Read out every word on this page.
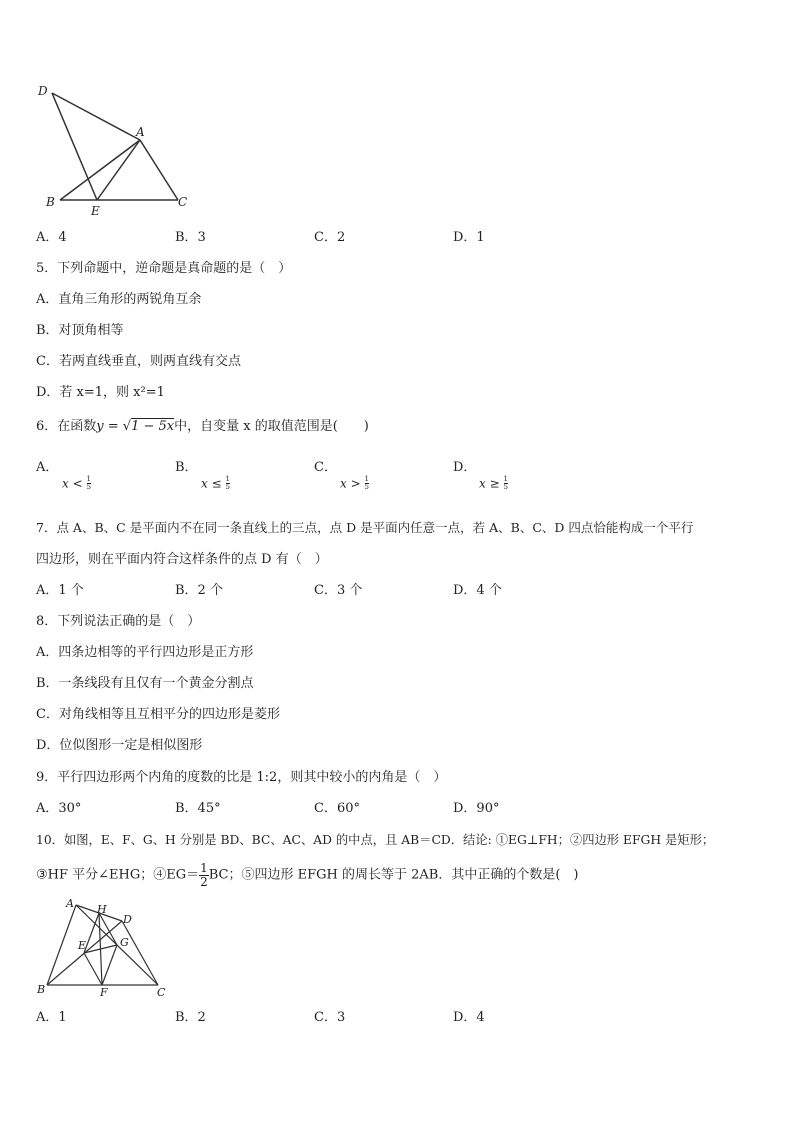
D
A
B
E
C
A．4	B．3	C．2	D．1
5．下列命题中，逆命题是真命题的是（　）
A．直角三角形的两锐角互余
B．对顶角相等
C．若两直线垂直，则两直线有交点
D．若 x=1，则 x²=1
6．在函数y = √1 − 5x中，自变量 x 的取值范围是(　　)
A．	B．	C．	D．
$x < \frac{1}{5}$	$x \le \frac{1}{5}$	$x > \frac{1}{5}$	$x \ge \frac{1}{5}$
7．点 A、B、C 是平面内不在同一条直线上的三点，点 D 是平面内任意一点，若 A、B、C、D 四点恰能构成一个平行
四边形，则在平面内符合这样条件的点 D 有（　）
A．1 个	B．2 个	C．3 个	D．4 个
8．下列说法正确的是（　）
A．四条边相等的平行四边形是正方形
B．一条线段有且仅有一个黄金分割点
C．对角线相等且互相平分的四边形是菱形
D．位似图形一定是相似图形
9．平行四边形两个内角的度数的比是 1:2，则其中较小的内角是（　）
A．30°	B．45°	C．60°	D．90°
10．如图，E、F、G、H 分别是 BD、BC、AC、AD 的中点，且 AB＝CD．结论: ①EG⊥FH；②四边形 EFGH 是矩形；
③HF 平分∠EHG；④EG＝ $\frac{1}{2}$ BC；⑤四边形 EFGH 的周长等于 2AB．其中正确的个数是(　)
A H
D
E	G
B	F	C
A．1	B．2	C．3	D．4
